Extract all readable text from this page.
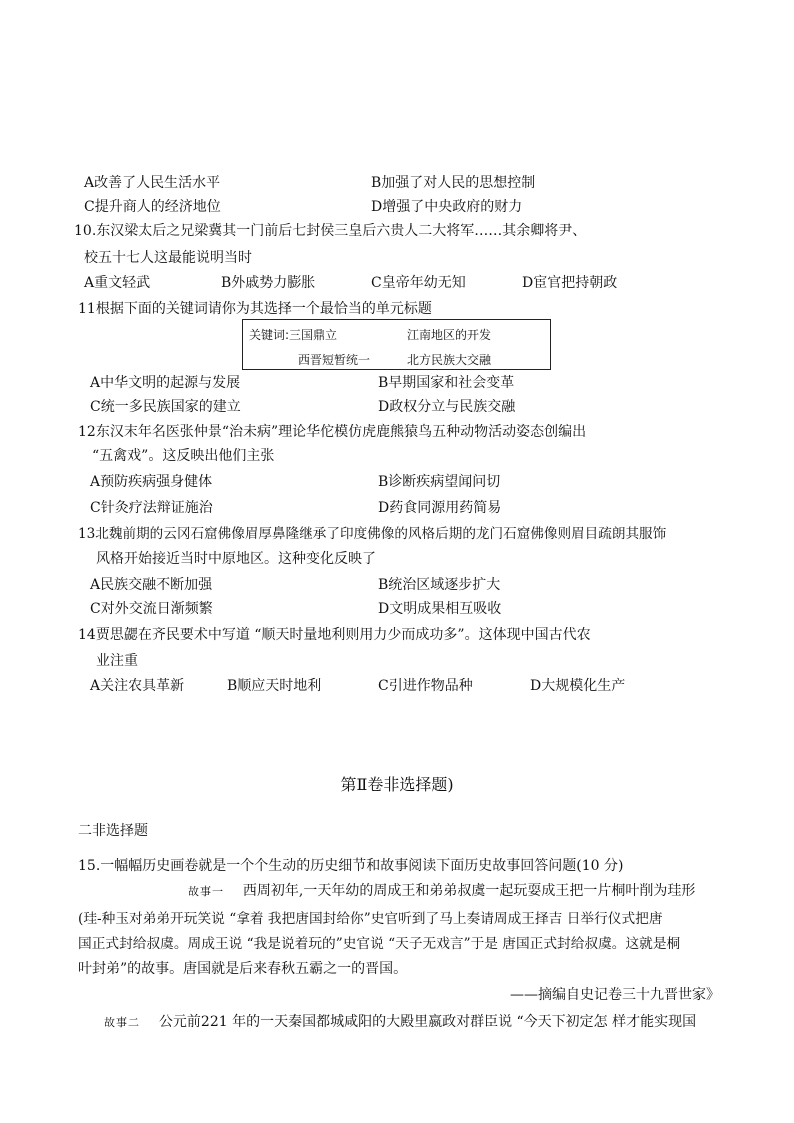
A改善了人民生活水平	B加强了对人民的思想控制
C提升商人的经济地位	D增强了中央政府的财力
10.东汉梁太后之兄梁冀其一门前后七封侯三皇后六贵人二大将军……其余卿将尹、
校五十七人这最能说明当时
A重文轻武	B外戚势力膨胀	C皇帝年幼无知	D宦官把持朝政
11根据下面的关键词请你为其选择一个最恰当的单元标题
关键词:三国鼎立	江南地区的开发
西晋短暂统一	北方民族大交融
A中华文明的起源与发展	B早期国家和社会变革
C统一多民族国家的建立	D政权分立与民族交融
12东汉末年名医张仲景“治未病”理论华佗模仿虎鹿熊猿鸟五种动物活动姿态创编出
“五禽戏”。这反映出他们主张
A预防疾病强身健体	B诊断疾病望闻问切
C针灸疗法辩证施治	D药食同源用药简易
13北魏前期的云冈石窟佛像眉厚鼻隆继承了印度佛像的风格后期的龙门石窟佛像则眉目疏朗其服饰
风格开始接近当时中原地区。这种变化反映了
A民族交融不断加强	B统治区域逐步扩大
C对外交流日渐频繁	D文明成果相互吸收
14贾思勰在齐民要术中写道 “顺天时量地利则用力少而成功多”。这体现中国古代农
业注重
A关注农具革新	B顺应天时地利	C引进作物品种	D大规模化生产
第Ⅱ卷非选择题)
二非选择题
15.一幅幅历史画卷就是一个个生动的历史细节和故事阅读下面历史故事回答问题(10 分)
故事一 西周初年,一天年幼的周成王和弟弟叔虞一起玩耍成王把一片桐叶削为珪形
(珪-种玉对弟弟开玩笑说 “拿着 我把唐国封给你”史官听到了马上奏请周成王择吉 日举行仪式把唐
国正式封给叔虞。周成王说 “我是说着玩的”史官说 “天子无戏言”于是 唐国正式封给叔虞。这就是桐
叶封弟”的故事。唐国就是后来春秋五霸之一的晋国。
——摘编自史记卷三十九晋世家》
故事二 公元前221 年的一天秦国都城咸阳的大殿里嬴政对群臣说 “今天下初定怎 样才能实现国
